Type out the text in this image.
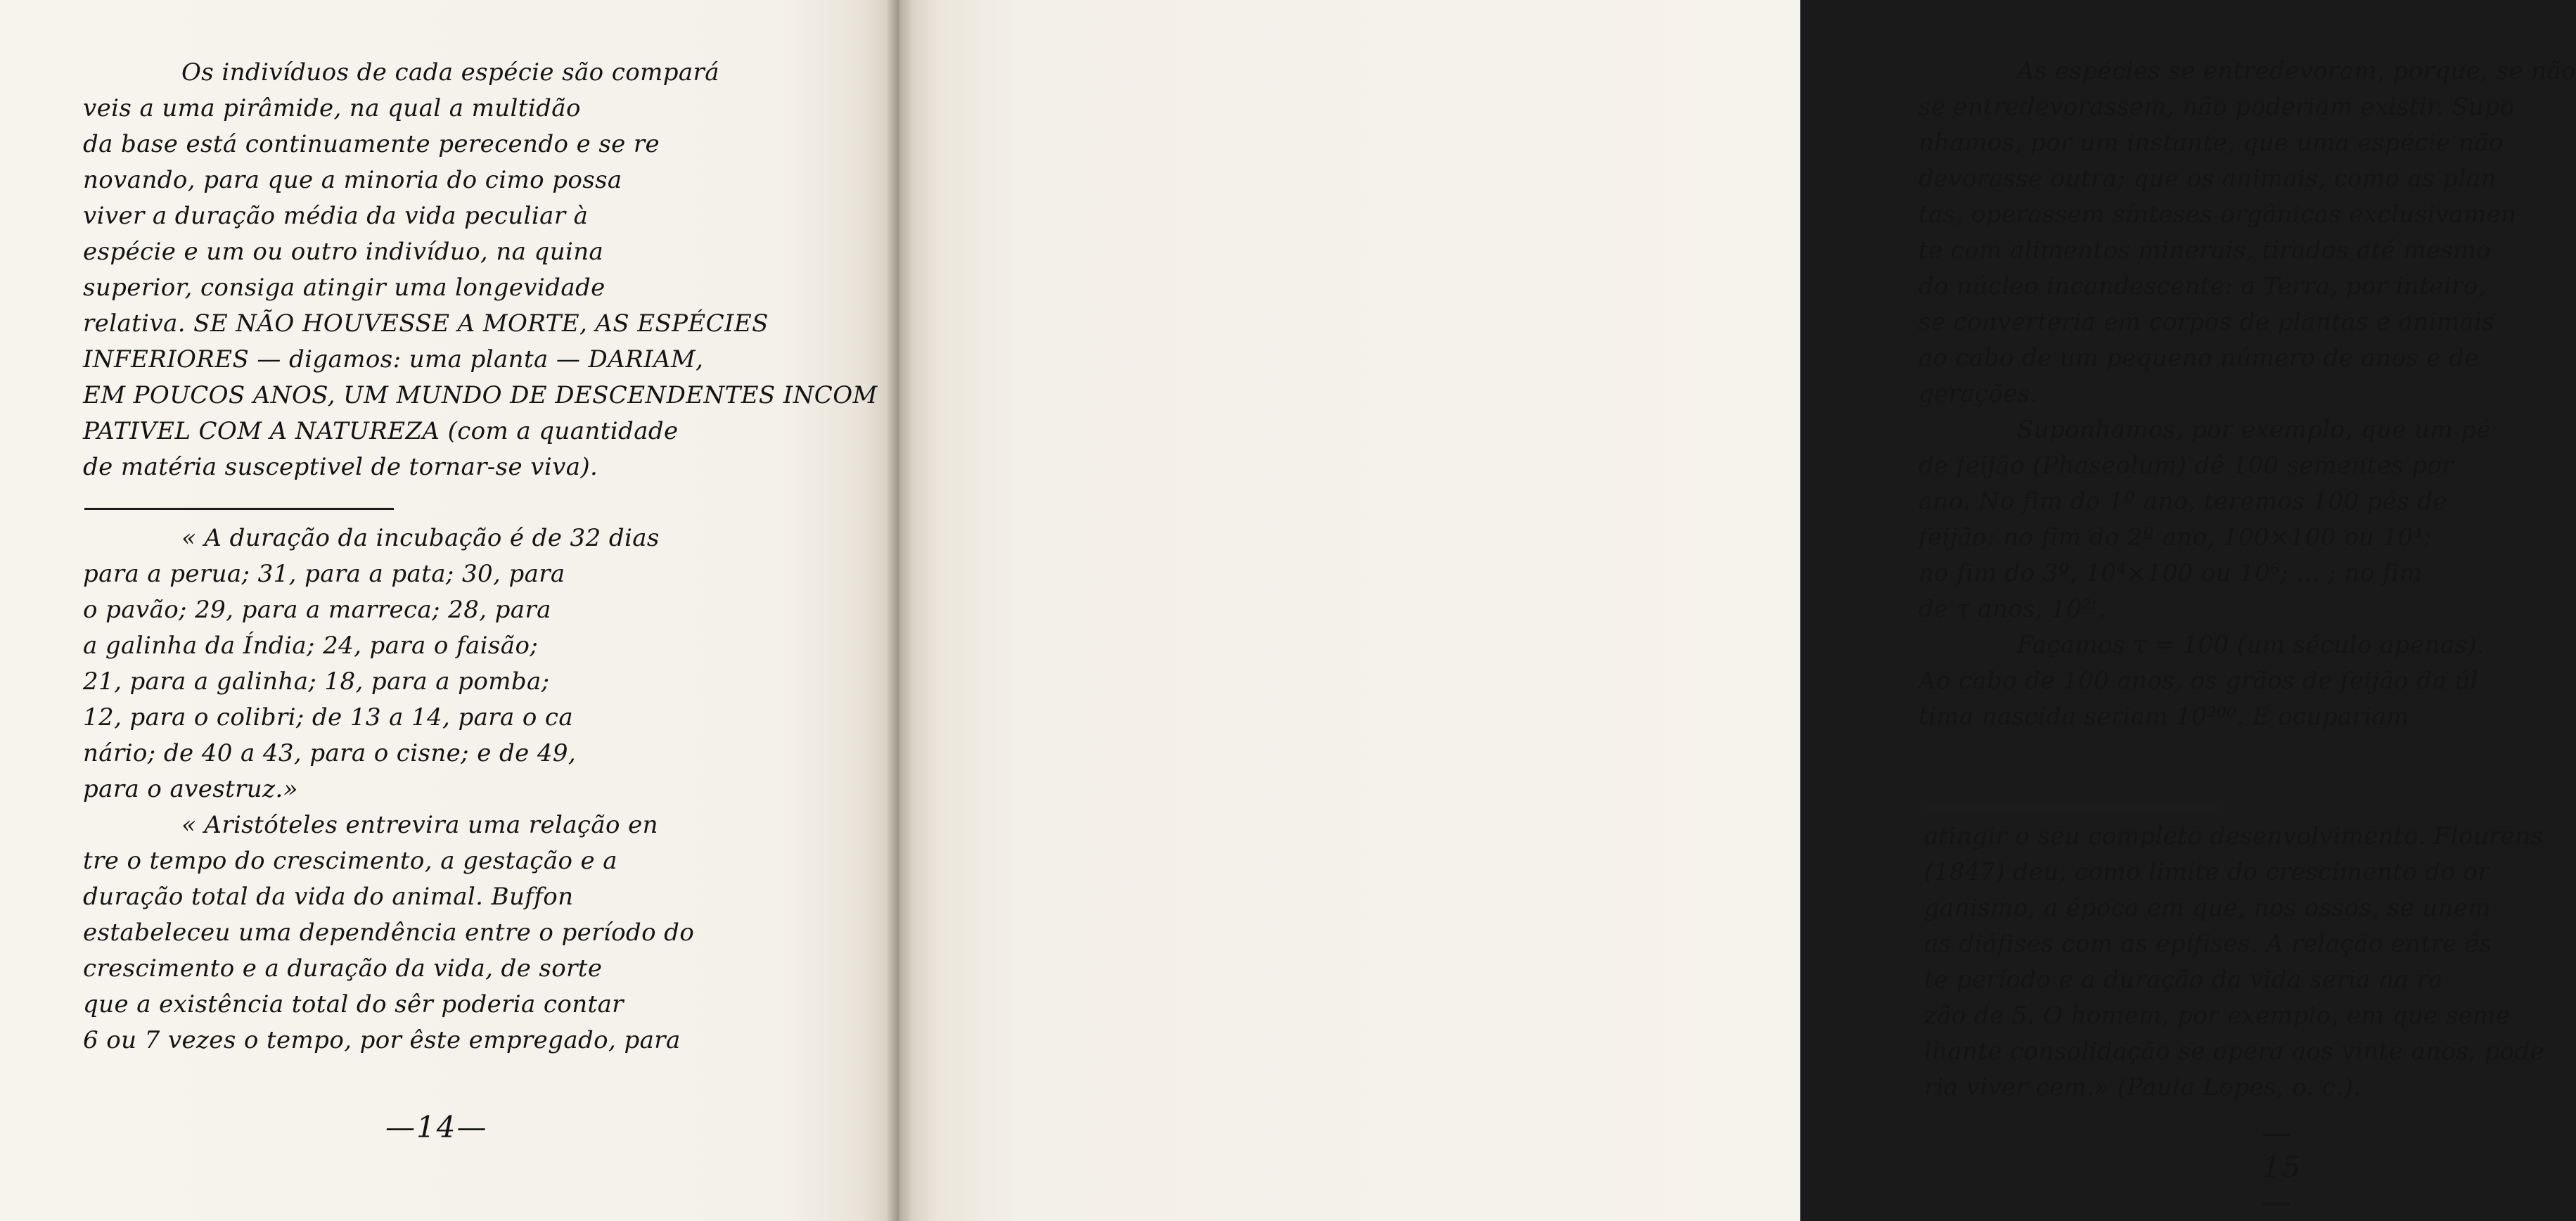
Os indivíduos de cada espécie são compará
veis a uma pirâmide, na qual a multidão
da base está continuamente perecendo e se re
novando, para que a minoria do cimo possa
viver a duração média da vida peculiar à
espécie e um ou outro indivíduo, na quina
superior, consiga atingir uma longevidade
relativa. SE NÃO HOUVESSE A MORTE, AS ESPÉCIES
INFERIORES — digamos: uma planta — DARIAM,
EM POUCOS ANOS, UM MUNDO DE DESCENDENTES INCOM
PATIVEL COM A NATUREZA (com a quantidade
de matéria susceptivel de tornar-se viva).
« A duração da incubação é de 32 dias
para a perua; 31, para a pata; 30, para
o pavão; 29, para a marreca; 28, para
a galinha da Índia; 24, para o faisão;
21, para a galinha; 18, para a pomba;
12, para o colibri; de 13 a 14, para o ca
nário; de 40 a 43, para o cisne; e de 49,
para o avestruz.»
« Aristóteles entrevira uma relação en
tre o tempo do crescimento, a gestação e a
duração total da vida do animal. Buffon
estabeleceu uma dependência entre o período do
crescimento e a duração da vida, de sorte
que a existência total do sêr poderia contar
6 ou 7 vezes o tempo, por êste empregado, para
—14—
As espécies se entredevoram, porque, se não
se entredevorassem, não poderiam existir. Supo
nhamos, por um instante, que uma espécie não
devorasse outra; que os animais, como as plan
tas, operassem sínteses orgânicas exclusivamen
te com alimentos minerais, tirados até mesmo
do núcleo incandescente: a Terra, por inteiro,
se converteria em corpos de plantas e animais
ao cabo de um pequeno número de anos e de
gerações.
Suponhamos, por exemplo, que um pé
de feijão (Phaseolum) dê 100 sementes por
ano. No fim do 1º ano, teremos 100 pés de
feijão; no fim do 2º ano, 100×100 ou 10⁴;
no fim do 3º, 10⁴×100 ou 10⁶; ... ; no fim
de τ anos, 10²ᵗ.
Façamos τ = 100 (um século apenas).
Ao cabo de 100 anos, os grãos de feijão da úl
tima nascida seriam 10²⁰⁰. E ocupariam
atingir o seu completo desenvolvimento. Flourens
(1847) deu, como limite do crescimento do or
ganismo, a época em que, nos ossos, se unem
as diáfises com as epífises. A relação entre ês
te período e a duração da vida seria na ra
zão de 5. O homem, por exemplo, em que seme
lhante consolidação se opera aos vinte anos, pode
ria viver cem.» (Paula Lopes, o. c.).
—15—
